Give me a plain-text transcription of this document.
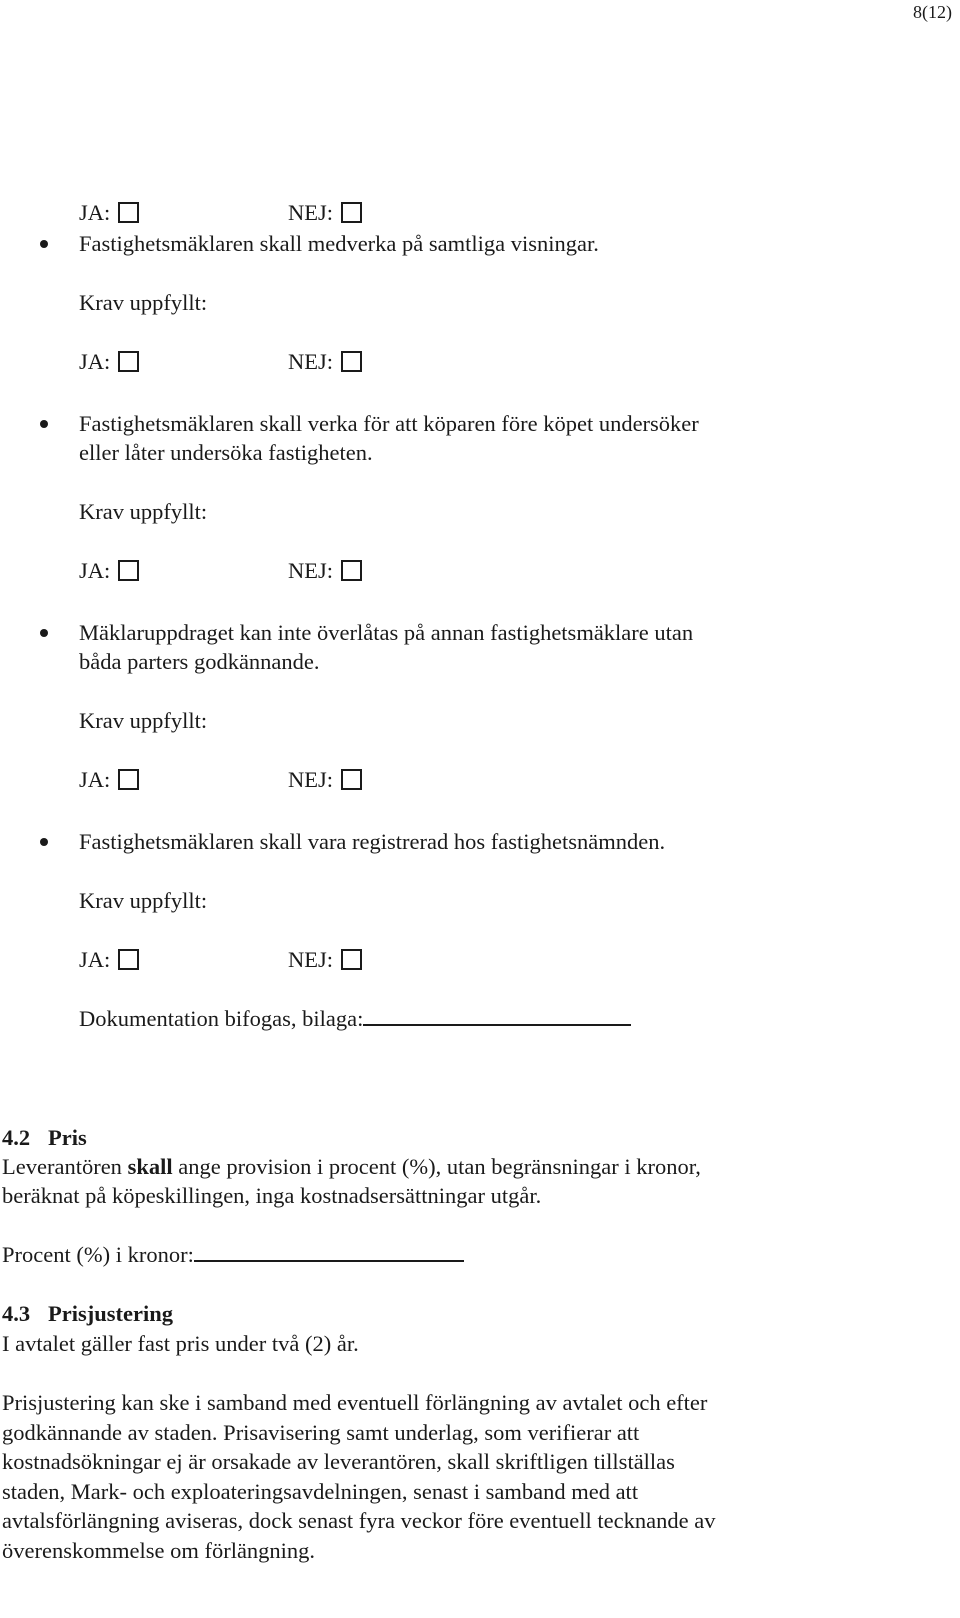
8(12)
JA:	NEJ:
Fastighetsmäklaren skall medverka på samtliga visningar.
Krav uppfyllt:
JA:	NEJ:
Fastighetsmäklaren skall verka för att köparen före köpet undersöker
eller låter undersöka fastigheten.
Krav uppfyllt:
JA:	NEJ:
Mäklaruppdraget kan inte överlåtas på annan fastighetsmäklare utan
båda parters godkännande.
Krav uppfyllt:
JA:	NEJ:
Fastighetsmäklaren skall vara registrerad hos fastighetsnämnden.
Krav uppfyllt:
JA:	NEJ:
Dokumentation bifogas, bilaga:
4.2 Pris
Leverantören skall ange provision i procent (%), utan begränsningar i kronor,
beräknat på köpeskillingen, inga kostnadsersättningar utgår.
Procent (%) i kronor:
4.3 Prisjustering
I avtalet gäller fast pris under två (2) år.
Prisjustering kan ske i samband med eventuell förlängning av avtalet och efter
godkännande av staden. Prisavisering samt underlag, som verifierar att
kostnadsökningar ej är orsakade av leverantören, skall skriftligen tillställas
staden, Mark- och exploateringsavdelningen, senast i samband med att
avtalsförlängning aviseras, dock senast fyra veckor före eventuell tecknande av
överenskommelse om förlängning.
